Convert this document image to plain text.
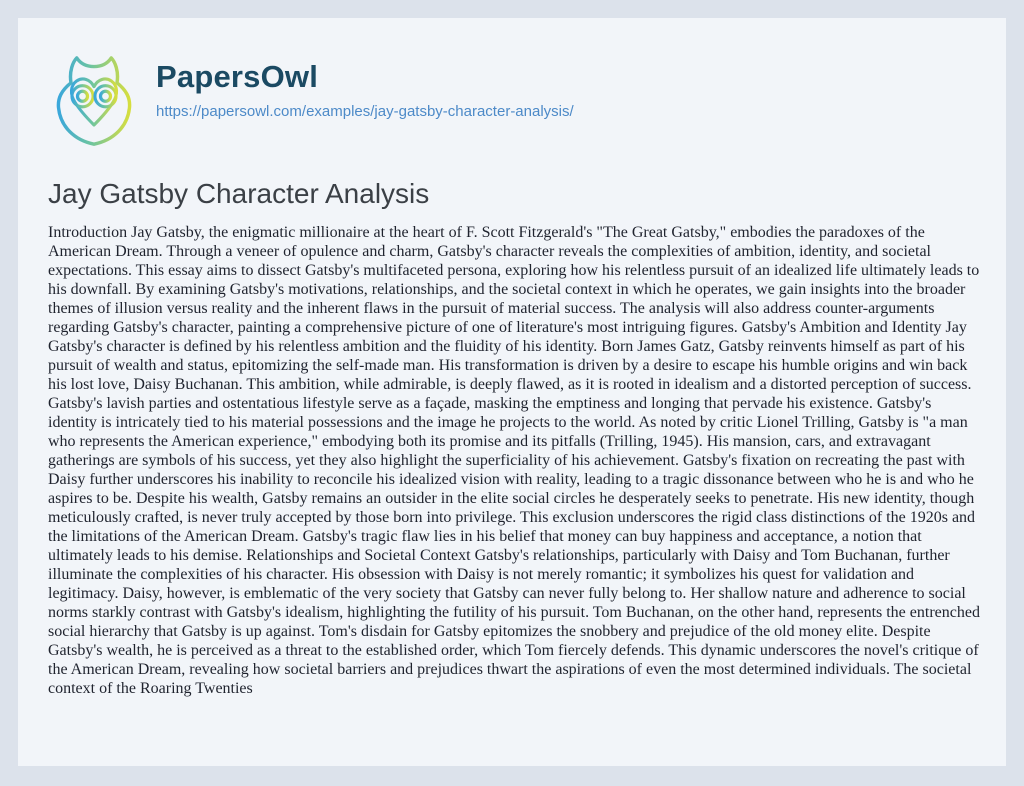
PapersOwl
https://papersowl.com/examples/jay-gatsby-character-analysis/
Jay Gatsby Character Analysis
Introduction Jay Gatsby, the enigmatic millionaire at the heart of F. Scott Fitzgerald's "The Great Gatsby," embodies the paradoxes of the American Dream. Through a veneer of opulence and charm, Gatsby's character reveals the complexities of ambition, identity, and societal expectations. This essay aims to dissect Gatsby's multifaceted persona, exploring how his relentless pursuit of an idealized life ultimately leads to his downfall. By examining Gatsby's motivations, relationships, and the societal context in which he operates, we gain insights into the broader themes of illusion versus reality and the inherent flaws in the pursuit of material success. The analysis will also address counter-arguments regarding Gatsby's character, painting a comprehensive picture of one of literature's most intriguing figures. Gatsby's Ambition and Identity Jay Gatsby's character is defined by his relentless ambition and the fluidity of his identity. Born James Gatz, Gatsby reinvents himself as part of his pursuit of wealth and status, epitomizing the self-made man. His transformation is driven by a desire to escape his humble origins and win back his lost love, Daisy Buchanan. This ambition, while admirable, is deeply flawed, as it is rooted in idealism and a distorted perception of success. Gatsby's lavish parties and ostentatious lifestyle serve as a façade, masking the emptiness and longing that pervade his existence. Gatsby's identity is intricately tied to his material possessions and the image he projects to the world. As noted by critic Lionel Trilling, Gatsby is "a man who represents the American experience," embodying both its promise and its pitfalls (Trilling, 1945). His mansion, cars, and extravagant gatherings are symbols of his success, yet they also highlight the superficiality of his achievement. Gatsby's fixation on recreating the past with Daisy further underscores his inability to reconcile his idealized vision with reality, leading to a tragic dissonance between who he is and who he aspires to be. Despite his wealth, Gatsby remains an outsider in the elite social circles he desperately seeks to penetrate. His new identity, though meticulously crafted, is never truly accepted by those born into privilege. This exclusion underscores the rigid class distinctions of the 1920s and the limitations of the American Dream. Gatsby's tragic flaw lies in his belief that money can buy happiness and acceptance, a notion that ultimately leads to his demise. Relationships and Societal Context Gatsby's relationships, particularly with Daisy and Tom Buchanan, further illuminate the complexities of his character. His obsession with Daisy is not merely romantic; it symbolizes his quest for validation and legitimacy. Daisy, however, is emblematic of the very society that Gatsby can never fully belong to. Her shallow nature and adherence to social norms starkly contrast with Gatsby's idealism, highlighting the futility of his pursuit. Tom Buchanan, on the other hand, represents the entrenched social hierarchy that Gatsby is up against. Tom's disdain for Gatsby epitomizes the snobbery and prejudice of the old money elite. Despite Gatsby's wealth, he is perceived as a threat to the established order, which Tom fiercely defends. This dynamic underscores the novel's critique of the American Dream, revealing how societal barriers and prejudices thwart the aspirations of even the most determined individuals. The societal context of the Roaring Twenties
